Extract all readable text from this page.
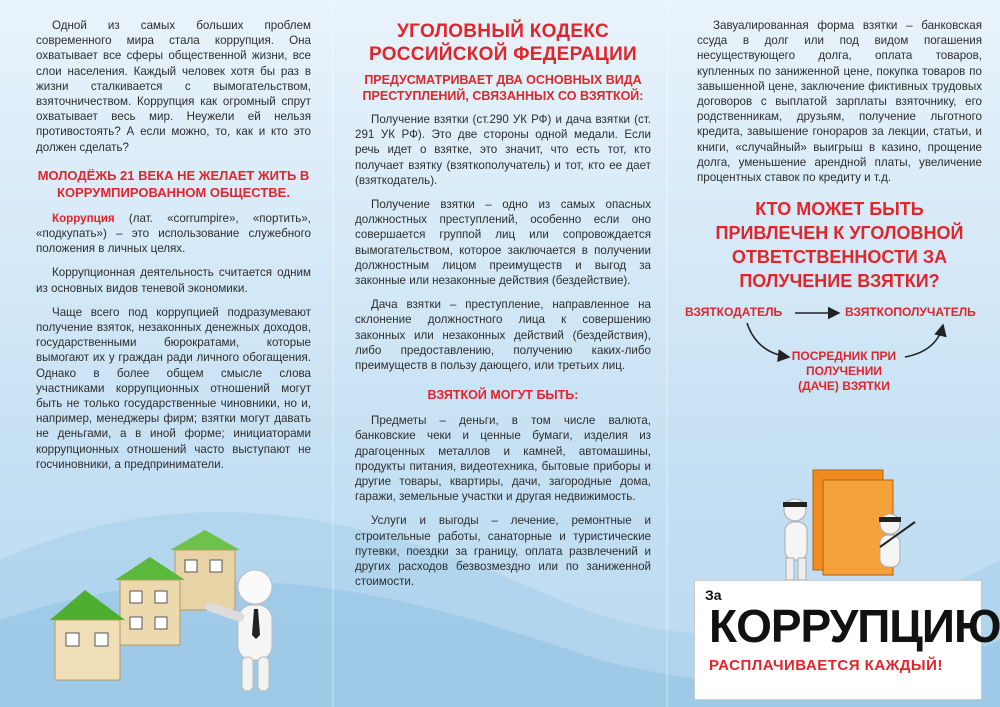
Одной из самых больших проблем современного мира стала коррупция. Она охватывает все сферы общественной жизни, все слои населения. Каждый человек хотя бы раз в жизни сталкивается с вымогательством, взяточничеством. Коррупция как огромный спрут охватывает весь мир. Неужели ей нельзя противостоять? А если можно, то, как и кто это должен сделать?

МОЛОДЁЖЬ 21 ВЕКА НЕ ЖЕЛАЕТ ЖИТЬ В КОРРУМПИРОВАННОМ ОБЩЕСТВЕ.

Коррупция (лат. «corrumpire», «портить», «подкупать») – это использование служебного положения в личных целях.

Коррупционная деятельность считается одним из основных видов теневой экономики.

Чаще всего под коррупцией подразумевают получение взяток, незаконных денежных доходов, государственными бюрократами, которые вымогают их у граждан ради личного обогащения. Однако в более общем смысле слова участниками коррупционных отношений могут быть не только государственные чиновники, но и, например, менеджеры фирм; взятки могут давать не деньгами, а в иной форме; инициаторами коррупционных отношений часто выступают не госчиновники, а предприниматели.

УГОЛОВНЫЙ КОДЕКС РОССИЙСКОЙ ФЕДЕРАЦИИ
ПРЕДУСМАТРИВАЕТ ДВА ОСНОВНЫХ ВИДА ПРЕСТУПЛЕНИЙ, СВЯЗАННЫХ СО ВЗЯТКОЙ:

Получение взятки (ст.290 УК РФ) и дача взятки (ст. 291 УК РФ). Это две стороны одной медали. Если речь идет о взятке, это значит, что есть тот, кто получает взятку (взяткополучатель) и тот, кто ее дает (взяткодатель).

Получение взятки – одно из самых опасных должностных преступлений, особенно если оно совершается группой лиц или сопровождается вымогательством, которое заключается в получении должностным лицом преимуществ и выгод за законные или незаконные действия (бездействие).

Дача взятки – преступление, направленное на склонение должностного лица к совершению законных или незаконных действий (бездействия), либо предоставлению, получению каких-либо преимуществ в пользу дающего, или третьих лиц.

ВЗЯТКОЙ МОГУТ БЫТЬ:

Предметы – деньги, в том числе валюта, банковские чеки и ценные бумаги, изделия из драгоценных металлов и камней, автомашины, продукты питания, видеотехника, бытовые приборы и другие товары, квартиры, дачи, загородные дома, гаражи, земельные участки и другая недвижимость.

Услуги и выгоды – лечение, ремонтные и строительные работы, санаторные и туристические путевки, поездки за границу, оплата развлечений и других расходов безвозмездно или по заниженной стоимости.

Завуалированная форма взятки – банковская ссуда в долг или под видом погашения несуществующего долга, оплата товаров, купленных по заниженной цене, покупка товаров по завышенной цене, заключение фиктивных трудовых договоров с выплатой зарплаты взяточнику, его родственникам, друзьям, получение льготного кредита, завышение гонораров за лекции, статьи, и книги, «случайный» выигрыш в казино, прощение долга, уменьшение арендной платы, увеличение процентных ставок по кредиту и т.д.

КТО МОЖЕТ БЫТЬ ПРИВЛЕЧЕН К УГОЛОВНОЙ ОТВЕТСТВЕННОСТИ ЗА ПОЛУЧЕНИЕ ВЗЯТКИ?
ВЗЯТКОДАТЕЛЬ	ВЗЯТКОПОЛУЧАТЕЛЬ
ПОСРЕДНИК ПРИ ПОЛУЧЕНИИ (ДАЧЕ) ВЗЯТКИ
За
КОРРУПЦИЮ
РАСПЛАЧИВАЕТСЯ КАЖДЫЙ!
